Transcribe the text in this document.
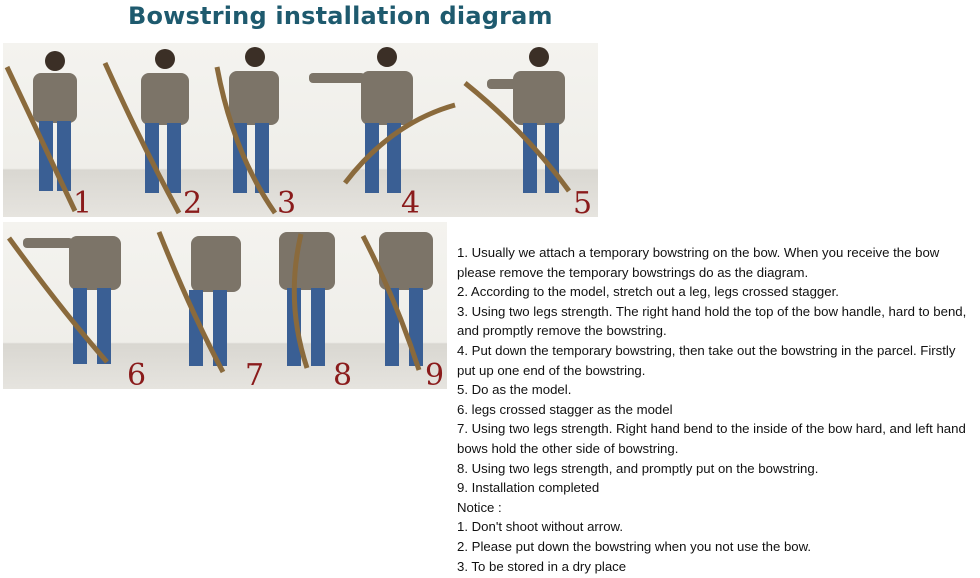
Bowstring installation diagram
1	2 3	4	5
6	7 8 9
1. Usually we attach a temporary bowstring on the bow. When you receive the bow please remove the temporary bowstrings do as the diagram.
2. According to the model, stretch out a leg, legs crossed stagger.
3. Using two legs strength. The right hand hold the top of the bow handle, hard to bend, and promptly remove the bowstring.
4. Put down the temporary bowstring, then take out the bowstring in the parcel. Firstly put up one end of the bowstring.
5. Do as the model.
6. legs crossed stagger as the model
7. Using two legs strength. Right hand bend to the inside of the bow hard, and left hand bows hold the other side of bowstring.
8. Using two legs strength, and promptly put on the bowstring.
9. Installation completed
Notice :
1. Don't shoot without arrow.
2. Please put down the bowstring when you not use the bow.
3. To be stored in a dry place
